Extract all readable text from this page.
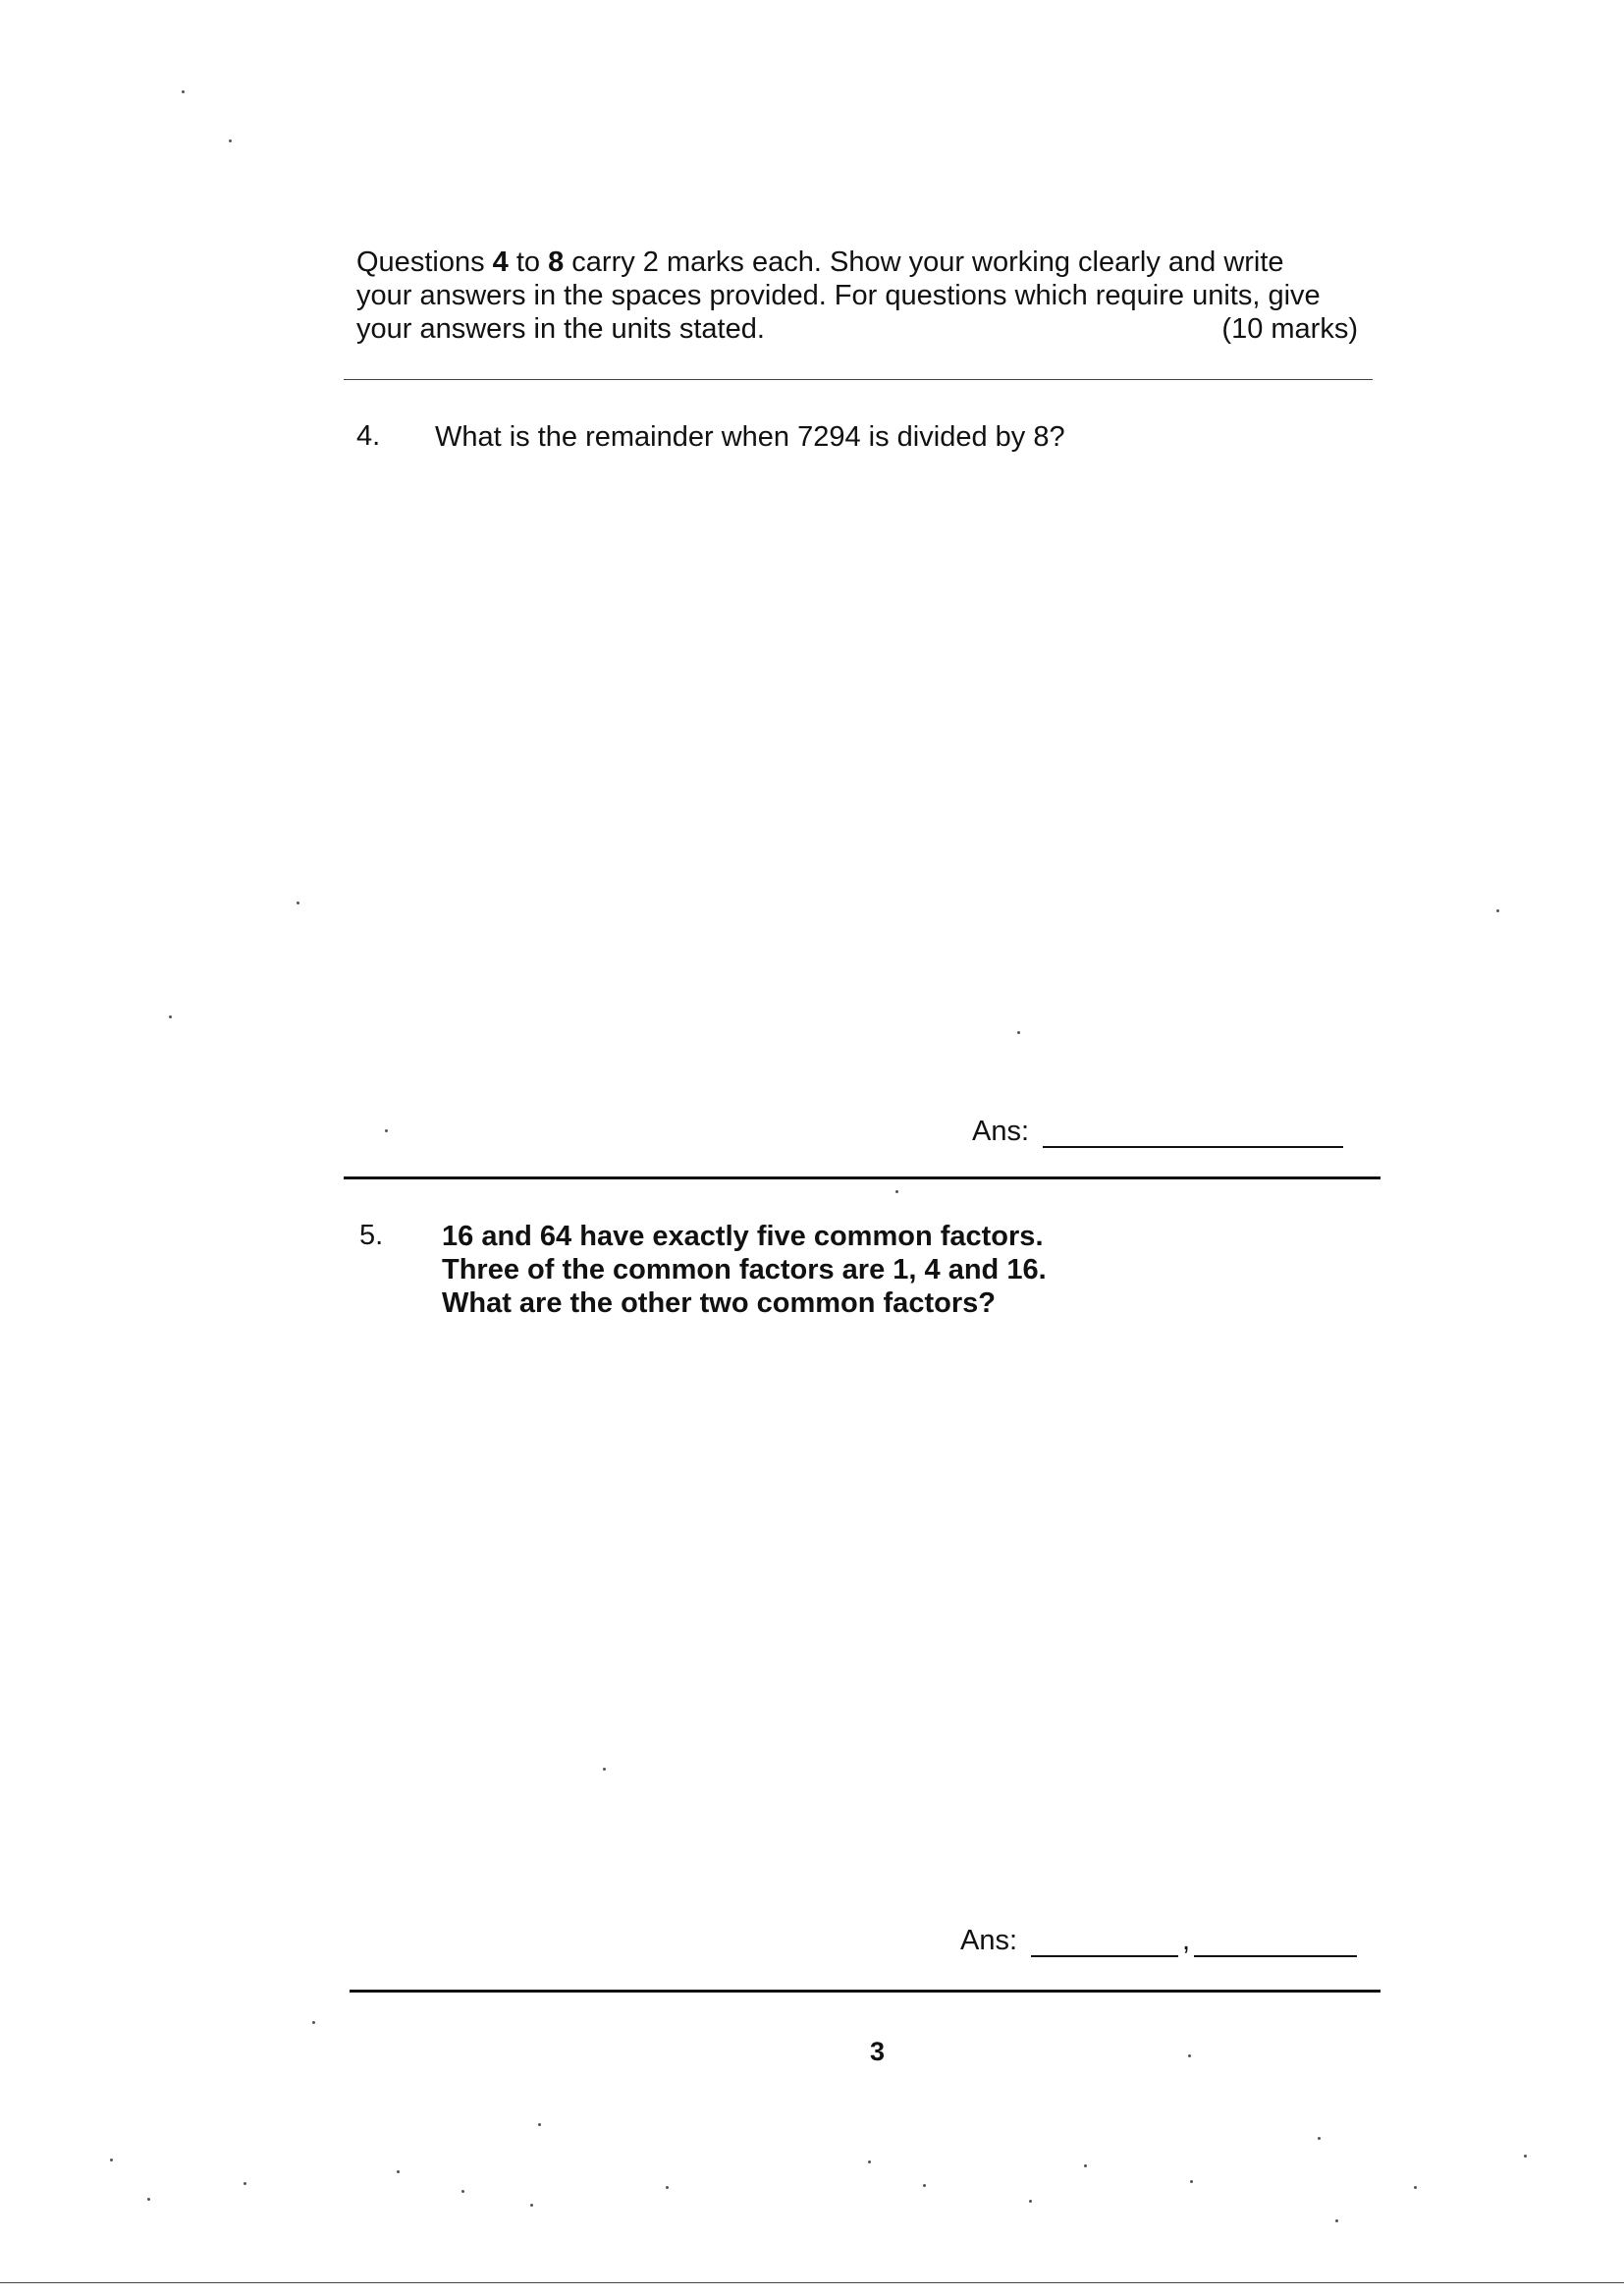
Questions 4 to 8 carry 2 marks each. Show your working clearly and write
your answers in the spaces provided. For questions which require units, give
your answers in the units stated.	(10 marks)
4. What is the remainder when 7294 is divided by 8?
Ans:
5. 16 and 64 have exactly five common factors.
Three of the common factors are 1, 4 and 16.
What are the other two common factors?
Ans:	,
3
